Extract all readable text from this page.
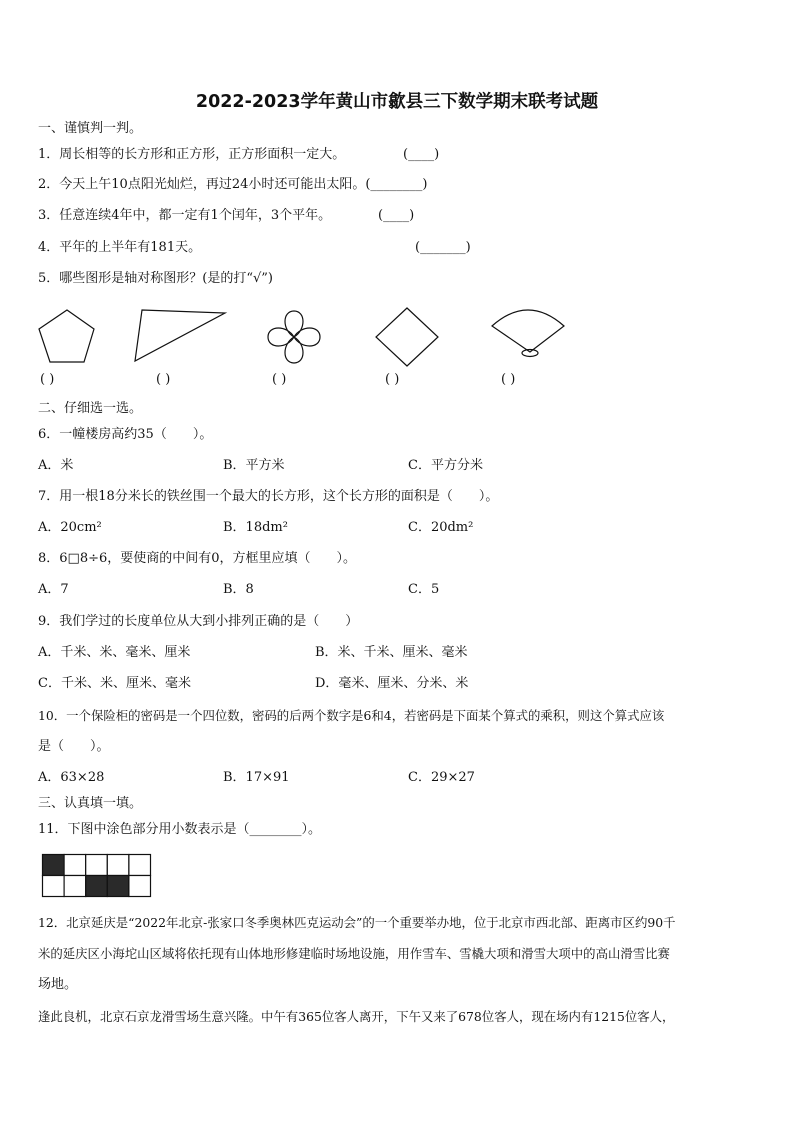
2022-2023学年黄山市歙县三下数学期末联考试题
一、谨慎判一判。
1．周长相等的长方形和正方形，正方形面积一定大。	(____)
2．今天上午10点阳光灿烂，再过24小时还可能出太阳。(________)
3．任意连续4年中，都一定有1个闰年，3个平年。	(____)
4．平年的上半年有181天。	(_______)
5．哪些图形是轴对称图形？(是的打“√”)
( )	( )	( )	( )	( )
二、仔细选一选。
6．一幢楼房高约35（　　）。
A．米	B．平方米	C．平方分米
7．用一根18分米长的铁丝围一个最大的长方形，这个长方形的面积是（　　）。
A．20cm²	B．18dm²	C．20dm²
8．6□8÷6，要使商的中间有0，方框里应填（　　）。
A．7	B．8	C．5
9．我们学过的长度单位从大到小排列正确的是（　　）
A．千米、米、毫米、厘米	B．米、千米、厘米、毫米
C．千米、米、厘米、毫米	D．毫米、厘米、分米、米
10．一个保险柜的密码是一个四位数，密码的后两个数字是6和4，若密码是下面某个算式的乘积，则这个算式应该
是（　　）。
A．63×28	B．17×91	C．29×27
三、认真填一填。
11．下图中涂色部分用小数表示是（________）。
12．北京延庆是“2022年北京-张家口冬季奥林匹克运动会”的一个重要举办地，位于北京市西北部、距离市区约90千
米的延庆区小海坨山区域将依托现有山体地形修建临时场地设施，用作雪车、雪橇大项和滑雪大项中的高山滑雪比赛
场地。
逢此良机，北京石京龙滑雪场生意兴隆。中午有365位客人离开，下午又来了678位客人，现在场内有1215位客人，
